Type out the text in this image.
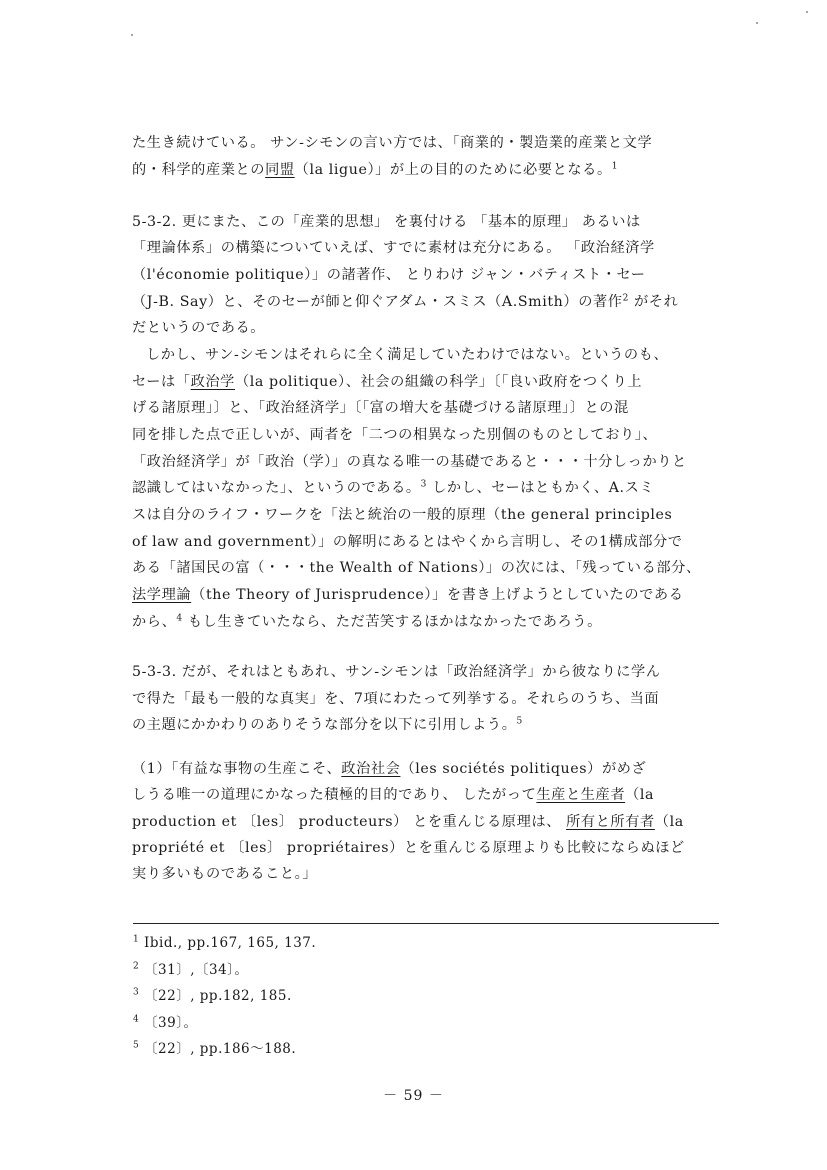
た生き続けている。 サン-シモンの言い方では、「商業的・製造業的産業と文学
的・科学的産業との同盟（la ligue）」が上の目的のために必要となる。$^1$
5-3-2. 更にまた、この「産業的思想」 を裏付ける 「基本的原理」 あるいは
「理論体系」の構築についていえば、すでに素材は充分にある。 「政治経済学
（l'économie politique）」の諸著作、 とりわけ ジャン・バティスト・セー
（J-B. Say）と、そのセーが師と仰ぐアダム・スミス（A.Smith）の著作$^2$ がそれ
だというのである。
しかし、サン-シモンはそれらに全く満足していたわけではない。というのも、
セーは「政治学（la politique）、社会の組織の科学」〔「良い政府をつくり上
げる諸原理」〕と、「政治経済学」〔「富の増大を基礎づける諸原理」〕との混
同を排した点で正しいが、両者を「二つの相異なった別個のものとしており」、
「政治経済学」が「政治（学）」の真なる唯一の基礎であると・・・十分しっかりと
認識してはいなかった」、というのである。$^3$ しかし、セーはともかく、A.スミ
スは自分のライフ・ワークを「法と統治の一般的原理（the general principles
of law and government）」の解明にあるとはやくから言明し、その1構成部分で
ある「諸国民の富（・・・the Wealth of Nations）」の次には、「残っている部分、
法学理論（the Theory of Jurisprudence）」を書き上げようとしていたのである
から、$^4$ もし生きていたなら、ただ苦笑するほかはなかったであろう。
5-3-3. だが、それはともあれ、サン-シモンは「政治経済学」から彼なりに学ん
で得た「最も一般的な真実」を、7項にわたって列挙する。それらのうち、当面
の主題にかかわりのありそうな部分を以下に引用しよう。$^5$
（1）「有益な事物の生産こそ、政治社会（les sociétés politiques）がめざ
しうる唯一の道理にかなった積極的目的であり、 したがって生産と生産者（la
production et 〔les〕 producteurs） とを重んじる原理は、 所有と所有者（la
propriété et 〔les〕 propriétaires）とを重んじる原理よりも比較にならぬほど
実り多いものであること。」
$^1$ Ibid., pp.167, 165, 137.
$^2$ 〔31〕,〔34〕。
$^3$ 〔22〕, pp.182, 185.
$^4$ 〔39〕。
$^5$ 〔22〕, pp.186～188.
－ 59 －
